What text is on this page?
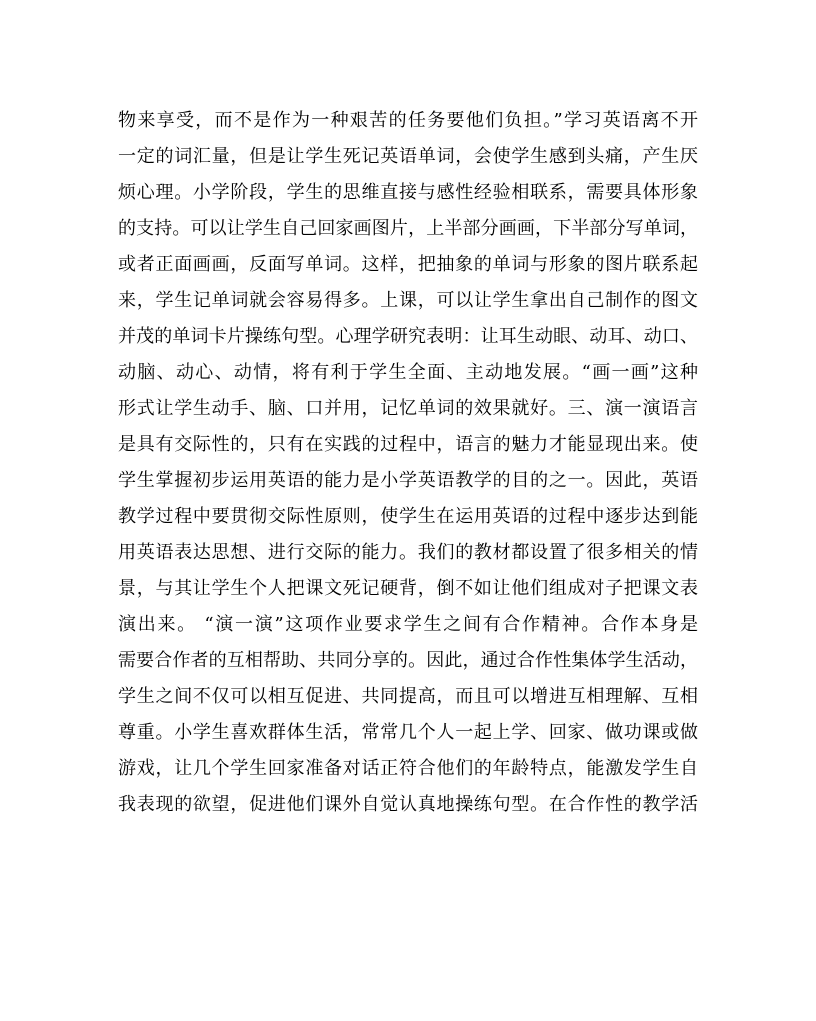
物来享受，而不是作为一种艰苦的任务要他们负担。”学习英语离不开
一定的词汇量，但是让学生死记英语单词，会使学生感到头痛，产生厌
烦心理。小学阶段，学生的思维直接与感性经验相联系，需要具体形象
的支持。可以让学生自己回家画图片，上半部分画画，下半部分写单词，
或者正面画画，反面写单词。这样，把抽象的单词与形象的图片联系起
来，学生记单词就会容易得多。上课，可以让学生拿出自己制作的图文
并茂的单词卡片操练句型。心理学研究表明：让耳生动眼、动耳、动口、
动脑、动心、动情，将有利于学生全面、主动地发展。“画一画”这种
形式让学生动手、脑、口并用，记忆单词的效果就好。三、演一演语言
是具有交际性的，只有在实践的过程中，语言的魅力才能显现出来。使
学生掌握初步运用英语的能力是小学英语教学的目的之一。因此，英语
教学过程中要贯彻交际性原则，使学生在运用英语的过程中逐步达到能
用英语表达思想、进行交际的能力。我们的教材都设置了很多相关的情
景，与其让学生个人把课文死记硬背，倒不如让他们组成对子把课文表
演出来。 “演一演”这项作业要求学生之间有合作精神。合作本身是
需要合作者的互相帮助、共同分享的。因此，通过合作性集体学生活动，
学生之间不仅可以相互促进、共同提高，而且可以增进互相理解、互相
尊重。小学生喜欢群体生活，常常几个人一起上学、回家、做功课或做
游戏，让几个学生回家准备对话正符合他们的年龄特点，能激发学生自
我表现的欲望，促进他们课外自觉认真地操练句型。在合作性的教学活
